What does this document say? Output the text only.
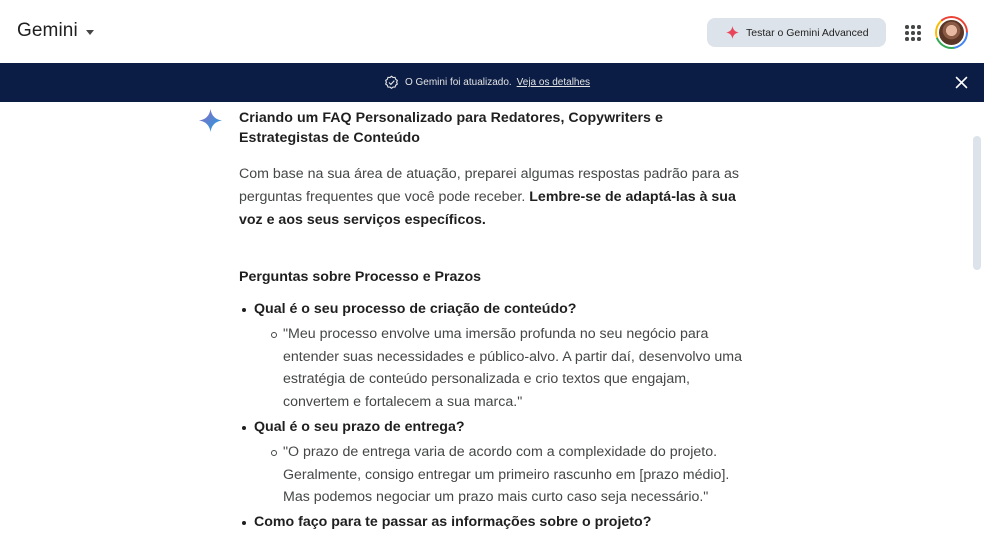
Gemini	Testar o Gemini Advanced
O Gemini foi atualizado. Veja os detalhes
Criando um FAQ Personalizado para Redatores, Copywriters e Estrategistas de Conteúdo

Com base na sua área de atuação, preparei algumas respostas padrão para as perguntas frequentes que você pode receber. Lembre-se de adaptá-las à sua voz e aos seus serviços específicos.

Perguntas sobre Processo e Prazos
Qual é o seu processo de criação de conteúdo?
"Meu processo envolve uma imersão profunda no seu negócio para entender suas necessidades e público-alvo. A partir daí, desenvolvo uma estratégia de conteúdo personalizada e crio textos que engajam, convertem e fortalecem a sua marca."
Qual é o seu prazo de entrega?
"O prazo de entrega varia de acordo com a complexidade do projeto. Geralmente, consigo entregar um primeiro rascunho em [prazo médio]. Mas podemos negociar um prazo mais curto caso seja necessário."
Como faço para te passar as informações sobre o projeto?
